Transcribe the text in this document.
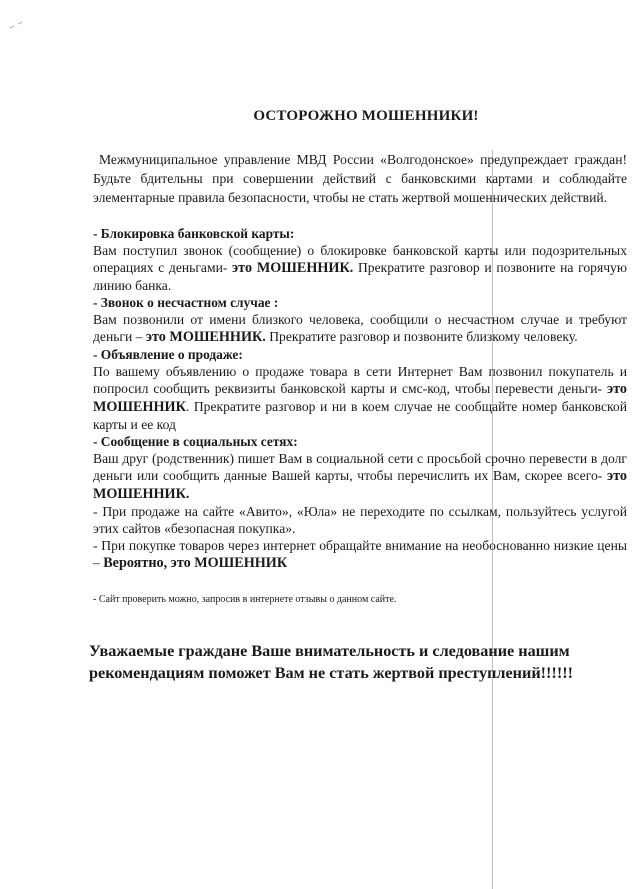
ОСТОРОЖНО МОШЕННИКИ!

Межмуниципальное управление МВД России «Волгодонское» предупреждает граждан! Будьте бдительны при совершении действий с банковскими картами и соблюдайте элементарные правила безопасности, чтобы не стать жертвой мошеннических действий.

- Блокировка банковской карты:

Вам поступил звонок (сообщение) о блокировке банковской карты или подозрительных операциях с деньгами- это МОШЕННИК. Прекратите разговор и позвоните на горячую линию банка.

- Звонок о несчастном случае :

Вам позвонили от имени близкого человека, сообщили о несчастном случае и требуют деньги – это МОШЕННИК. Прекратите разговор и позвоните близкому человеку.

- Объявление о продаже:

По вашему объявлению о продаже товара в сети Интернет Вам позвонил покупатель и попросил сообщить реквизиты банковской карты и смс-код, чтобы перевести деньги- это МОШЕННИК. Прекратите разговор и ни в коем случае не сообщайте номер банковской карты и ее код

- Сообщение в социальных сетях:

Ваш друг (родственник) пишет Вам в социальной сети с просьбой срочно перевести в долг деньги или сообщить данные Вашей карты, чтобы перечислить их Вам, скорее всего- это МОШЕННИК.

- При продаже на сайте «Авито», «Юла» не переходите по ссылкам, пользуйтесь услугой этих сайтов «безопасная покупка».

- При покупке товаров через интернет обращайте внимание на необоснованно низкие цены – Вероятно, это МОШЕННИК

- Сайт проверить можно, запросив в интернете отзывы о данном сайте.

Уважаемые граждане Ваше внимательность и следование нашим рекомендациям поможет Вам не стать жертвой преступлений!!!!!!
